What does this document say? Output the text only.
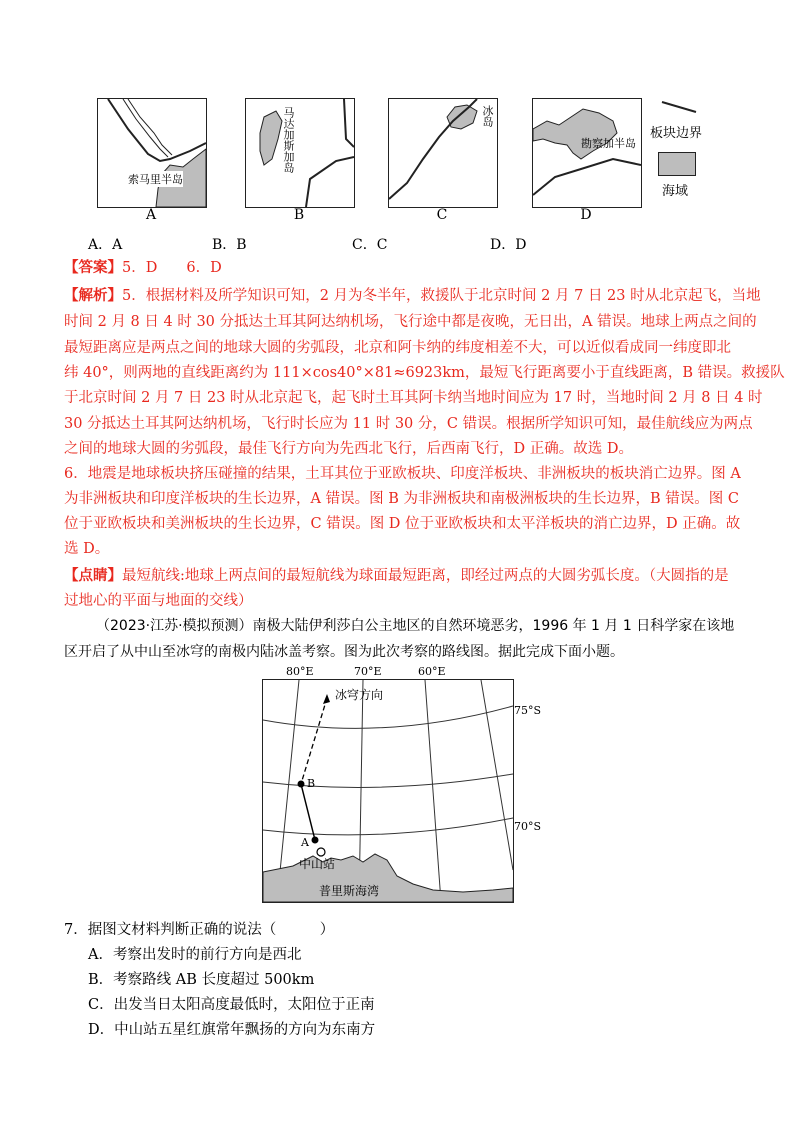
索马里半岛
马达加斯加岛	冰岛
勘察加半岛
A	B	C	D
板块边界
海域
A．A	B．B	C．C	D．D
【答案】5．D　　6．D
【解析】5．根据材料及所学知识可知，2 月为冬半年，救援队于北京时间 2 月 7 日 23 时从北京起飞，当地
时间 2 月 8 日 4 时 30 分抵达土耳其阿达纳机场，飞行途中都是夜晚，无日出，A 错误。地球上两点之间的
最短距离应是两点之间的地球大圆的劣弧段，北京和阿卡纳的纬度相差不大，可以近似看成同一纬度即北
纬 40°，则两地的直线距离约为 111×cos40°×81≈6923km，最短飞行距离要小于直线距离，B 错误。救援队
于北京时间 2 月 7 日 23 时从北京起飞，起飞时土耳其阿卡纳当地时间应为 17 时，当地时间 2 月 8 日 4 时
30 分抵达土耳其阿达纳机场，飞行时长应为 11 时 30 分，C 错误。根据所学知识可知，最佳航线应为两点
之间的地球大圆的劣弧段，最佳飞行方向为先西北飞行，后西南飞行，D 正确。故选 D。
6．地震是地球板块挤压碰撞的结果，土耳其位于亚欧板块、印度洋板块、非洲板块的板块消亡边界。图 A
为非洲板块和印度洋板块的生长边界，A 错误。图 B 为非洲板块和南极洲板块的生长边界，B 错误。图 C
位于亚欧板块和美洲板块的生长边界，C 错误。图 D 位于亚欧板块和太平洋板块的消亡边界，D 正确。故
选 D。
【点睛】最短航线:地球上两点间的最短航线为球面最短距离，即经过两点的大圆劣弧长度。（大圆指的是
过地心的平面与地面的交线）
（2023·江苏·模拟预测）南极大陆伊利莎白公主地区的自然环境恶劣，1996 年 1 月 1 日科学家在该地
区开启了从中山至冰穹的南极内陆冰盖考察。图为此次考察的路线图。据此完成下面小题。
冰穹方向
B
A
中山站
普里斯海湾
80°E	70°E	60°E
75°S
70°S
7．据图文材料判断正确的说法（　　　）
A．考察出发时的前行方向是西北
B．考察路线 AB 长度超过 500km
C．出发当日太阳高度最低时，太阳位于正南
D．中山站五星红旗常年飘扬的方向为东南方
